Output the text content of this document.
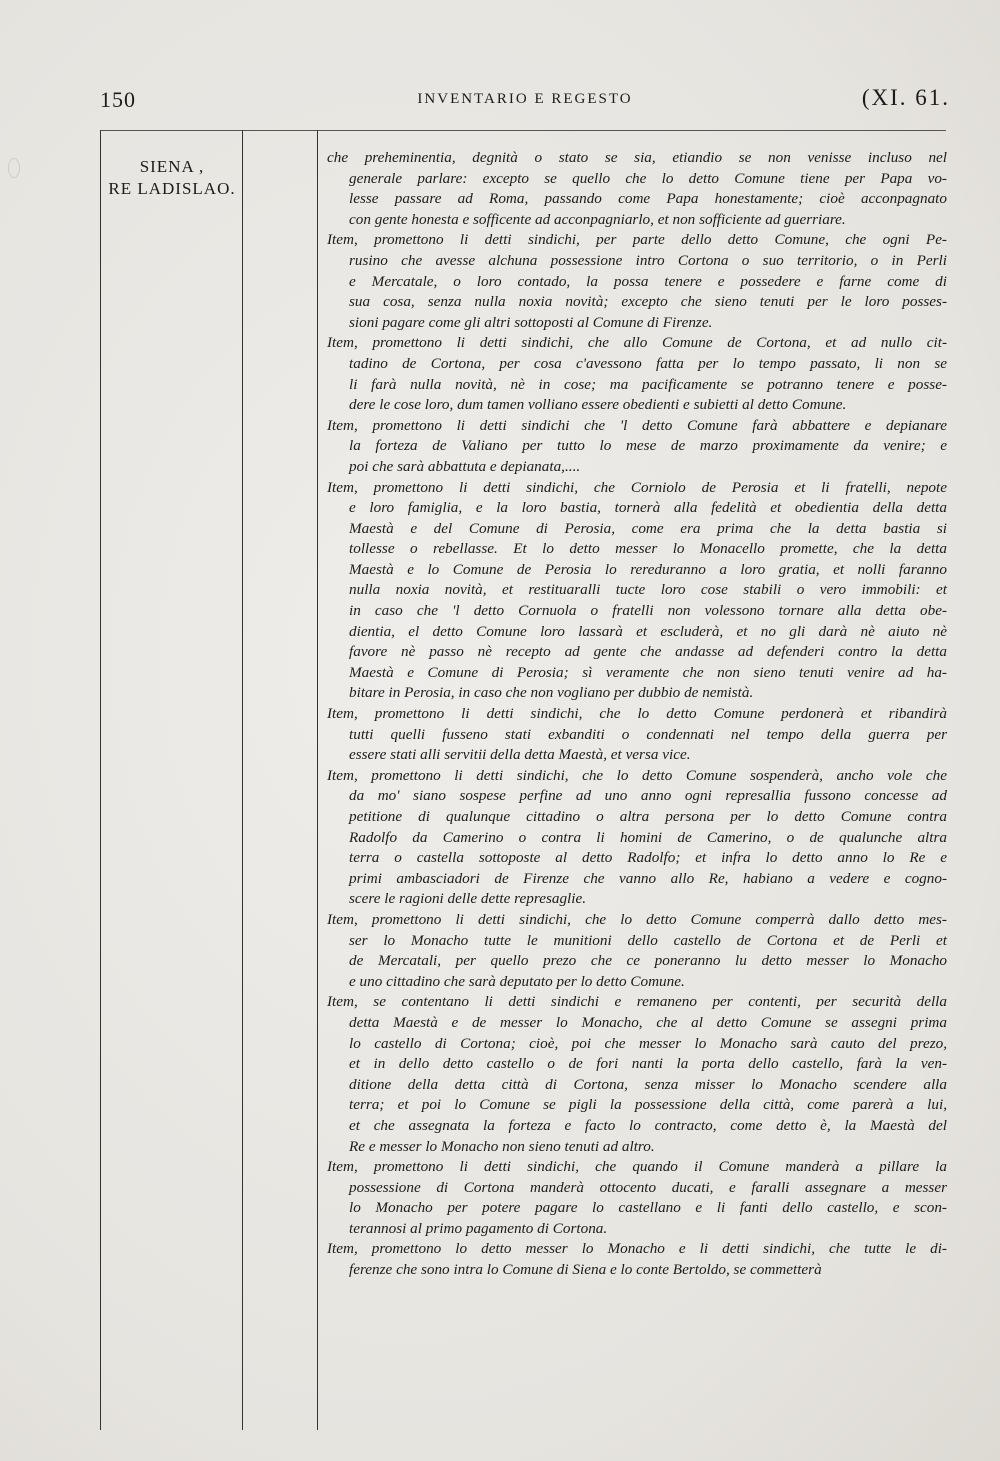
150	INVENTARIO E REGESTO	(XI. 61.
SIENA ,
RE LADISLAO.
che preheminentia, degnità o stato se sia, etiandio se non venisse incluso nel
generale parlare: excepto se quello che lo detto Comune tiene per Papa vo-
lesse passare ad Roma, passando come Papa honestamente; cioè acconpagnato
con gente honesta e sofficente ad acconpagniarlo, et non sofficiente ad guerriare.
Item, promettono li detti sindichi, per parte dello detto Comune, che ogni Pe-
rusino che avesse alchuna possessione intro Cortona o suo territorio, o in Perli
e Mercatale, o loro contado, la possa tenere e possedere e farne come di
sua cosa, senza nulla noxia novità; excepto che sieno tenuti per le loro posses-
sioni pagare come gli altri sottoposti al Comune di Firenze.
Item, promettono li detti sindichi, che allo Comune de Cortona, et ad nullo cit-
tadino de Cortona, per cosa c'avessono fatta per lo tempo passato, li non se
li farà nulla novità, nè in cose; ma pacificamente se potranno tenere e posse-
dere le cose loro, dum tamen volliano essere obedienti e subietti al detto Comune.
Item, promettono li detti sindichi che 'l detto Comune farà abbattere e depianare
la forteza de Valiano per tutto lo mese de marzo proximamente da venire; e
poi che sarà abbattuta e depianata,....
Item, promettono li detti sindichi, che Corniolo de Perosia et li fratelli, nepote
e loro famiglia, e la loro bastia, tornerà alla fedelità et obedientia della detta
Maestà e del Comune di Perosia, come era prima che la detta bastia si
tollesse o rebellasse. Et lo detto messer lo Monacello promette, che la detta
Maestà e lo Comune de Perosia lo rereduranno a loro gratia, et nolli faranno
nulla noxia novità, et restituaralli tucte loro cose stabili o vero immobili: et
in caso che 'l detto Cornuola o fratelli non volessono tornare alla detta obe-
dientia, el detto Comune loro lassarà et escluderà, et no gli darà nè aiuto nè
favore nè passo nè recepto ad gente che andasse ad defenderi contro la detta
Maestà e Comune di Perosia; sì veramente che non sieno tenuti venire ad ha-
bitare in Perosia, in caso che non vogliano per dubbio de nemistà.
Item, promettono li detti sindichi, che lo detto Comune perdonerà et ribandirà
tutti quelli fusseno stati exbanditi o condennati nel tempo della guerra per
essere stati alli servitii della detta Maestà, et versa vice.
Item, promettono li detti sindichi, che lo detto Comune sospenderà, ancho vole che
da mo' siano sospese perfine ad uno anno ogni represallia fussono concesse ad
petitione di qualunque cittadino o altra persona per lo detto Comune contra
Radolfo da Camerino o contra li homini de Camerino, o de qualunche altra
terra o castella sottoposte al detto Radolfo; et infra lo detto anno lo Re e
primi ambasciadori de Firenze che vanno allo Re, habiano a vedere e cogno-
scere le ragioni delle dette represaglie.
Item, promettono li detti sindichi, che lo detto Comune comperrà dallo detto mes-
ser lo Monacho tutte le munitioni dello castello de Cortona et de Perli et
de Mercatali, per quello prezo che ce poneranno lu detto messer lo Monacho
e uno cittadino che sarà deputato per lo detto Comune.
Item, se contentano li detti sindichi e remaneno per contenti, per securità della
detta Maestà e de messer lo Monacho, che al detto Comune se assegni prima
lo castello di Cortona; cioè, poi che messer lo Monacho sarà cauto del prezo,
et in dello detto castello o de fori nanti la porta dello castello, farà la ven-
ditione della detta città di Cortona, senza misser lo Monacho scendere alla
terra; et poi lo Comune se pigli la possessione della città, come parerà a lui,
et che assegnata la forteza e facto lo contracto, come detto è, la Maestà del
Re e messer lo Monacho non sieno tenuti ad altro.
Item, promettono li detti sindichi, che quando il Comune manderà a pillare la
possessione di Cortona manderà ottocento ducati, e faralli assegnare a messer
lo Monacho per potere pagare lo castellano e li fanti dello castello, e scon-
terannosi al primo pagamento di Cortona.
Item, promettono lo detto messer lo Monacho e li detti sindichi, che tutte le di-
ferenze che sono intra lo Comune di Siena e lo conte Bertoldo, se commetterà
